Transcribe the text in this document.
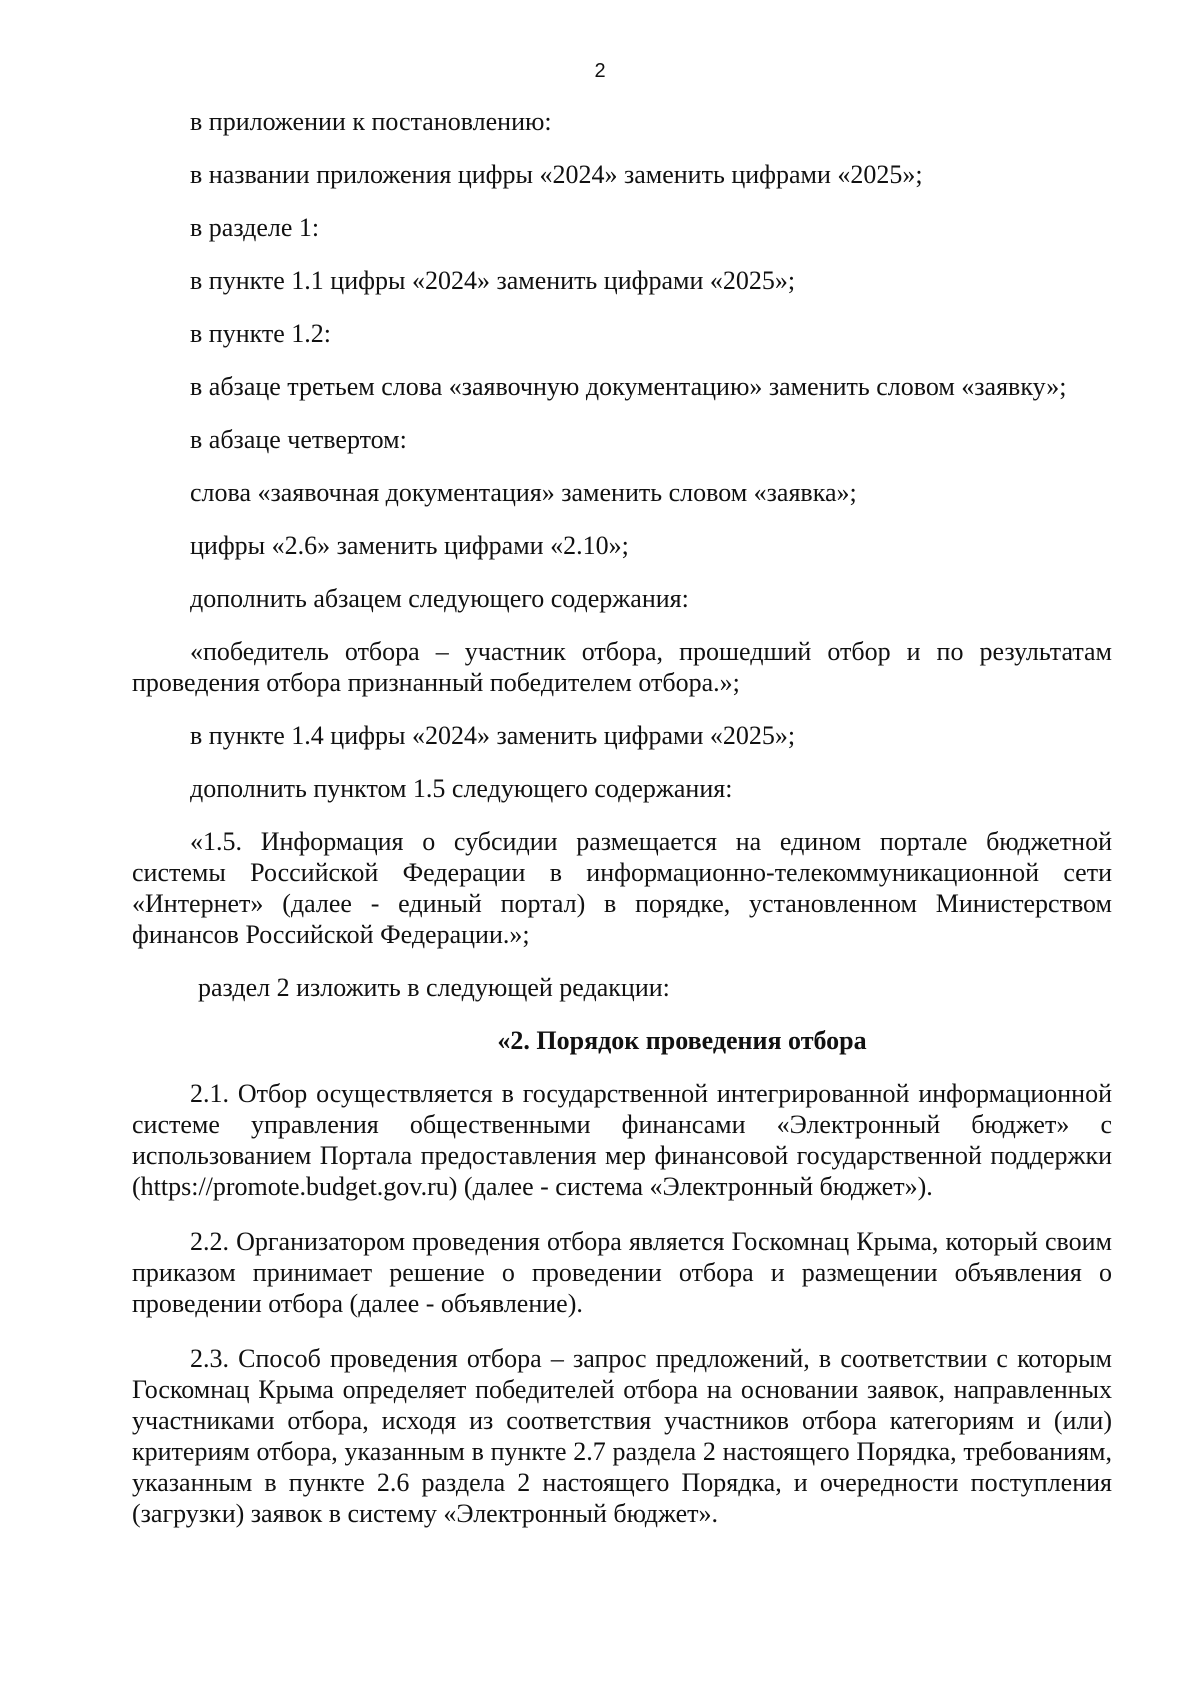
2

в приложении к постановлению:

в названии приложения цифры «2024» заменить цифрами «2025»;

в разделе 1:

в пункте 1.1 цифры «2024» заменить цифрами «2025»;

в пункте 1.2:

в абзаце третьем слова «заявочную документацию» заменить словом «заявку»;

в абзаце четвертом:

слова «заявочная документация» заменить словом «заявка»;

цифры «2.6» заменить цифрами «2.10»;

дополнить абзацем следующего содержания:

«победитель отбора – участник отбора, прошедший отбор и по результатам проведения отбора признанный победителем отбора.»;

в пункте 1.4 цифры «2024» заменить цифрами «2025»;

дополнить пунктом 1.5 следующего содержания:

«1.5. Информация о субсидии размещается на едином портале бюджетной системы Российской Федерации в информационно-телекоммуникационной сети «Интернет» (далее - единый портал) в порядке, установленном Министерством финансов Российской Федерации.»;

раздел 2 изложить в следующей редакции:

«2. Порядок проведения отбора

2.1. Отбор осуществляется в государственной интегрированной информационной системе управления общественными финансами «Электронный бюджет» с использованием Портала предоставления мер финансовой государственной поддержки (https://promote.budget.gov.ru) (далее - система «Электронный бюджет»).

2.2. Организатором проведения отбора является Госкомнац Крыма, который своим приказом принимает решение о проведении отбора и размещении объявления о проведении отбора (далее - объявление).

2.3. Способ проведения отбора – запрос предложений, в соответствии с которым Госкомнац Крыма определяет победителей отбора на основании заявок, направленных участниками отбора, исходя из соответствия участников отбора категориям и (или) критериям отбора, указанным в пункте 2.7 раздела 2 настоящего Порядка, требованиям, указанным в пункте 2.6 раздела 2 настоящего Порядка, и очередности поступления (загрузки) заявок в систему «Электронный бюджет».
